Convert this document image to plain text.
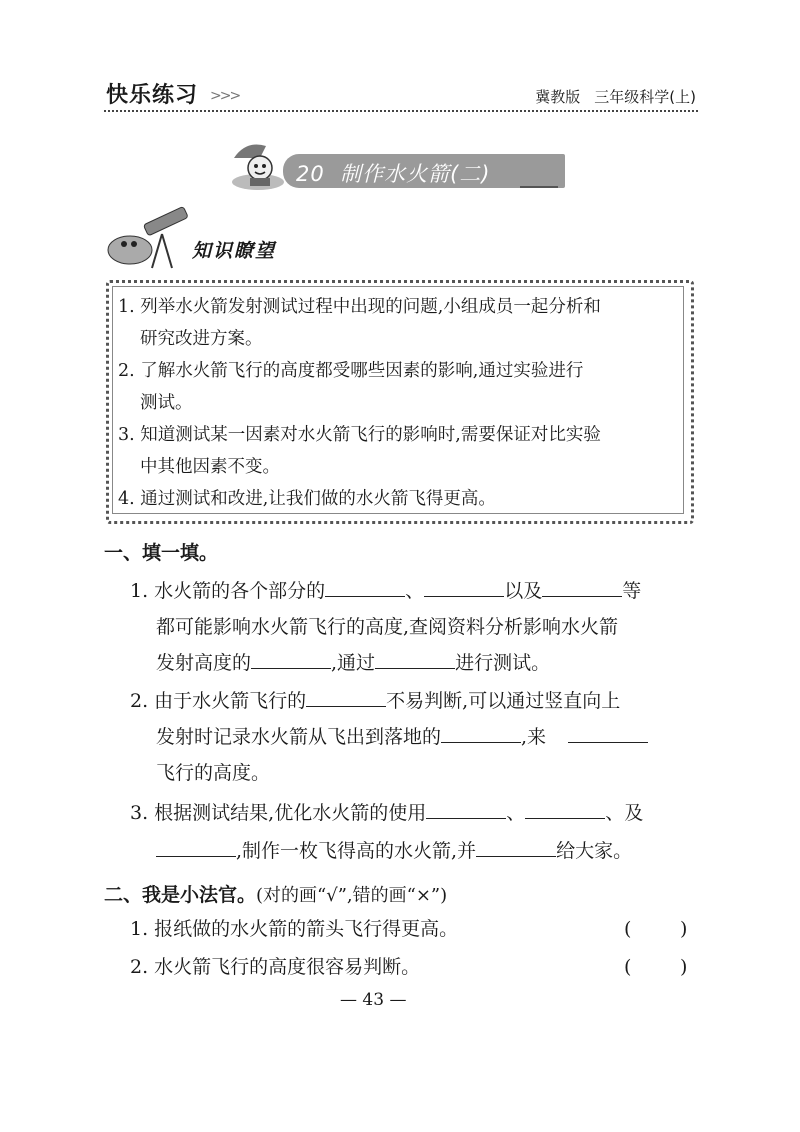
快乐练习 >>>	冀教版 三年级科学(上)
20 制作水火箭(二)
知识瞭望
1. 列举水火箭发射测试过程中出现的问题,小组成员一起分析和
研究改进方案。
2. 了解水火箭飞行的高度都受哪些因素的影响,通过实验进行
测试。
3. 知道测试某一因素对水火箭飞行的影响时,需要保证对比实验
中其他因素不变。
4. 通过测试和改进,让我们做的水火箭飞得更高。
一、填一填。
1. 水火箭的各个部分的	、	以及	等
都可能影响水火箭飞行的高度,查阅资料分析影响水火箭
发射高度的	,通过	进行测试。
2. 由于水火箭飞行的	不易判断,可以通过竖直向上
发射时记录水火箭从飞出到落地的	,来
飞行的高度。
3. 根据测试结果,优化水火箭的使用	、	、及
,制作一枚飞得高的水火箭,并	给大家。
二、我是小法官。(对的画“√”,错的画“×”)
1. 报纸做的水火箭的箭头飞行得更高。	(	)
2. 水火箭飞行的高度很容易判断。	(	)
— 43 —
